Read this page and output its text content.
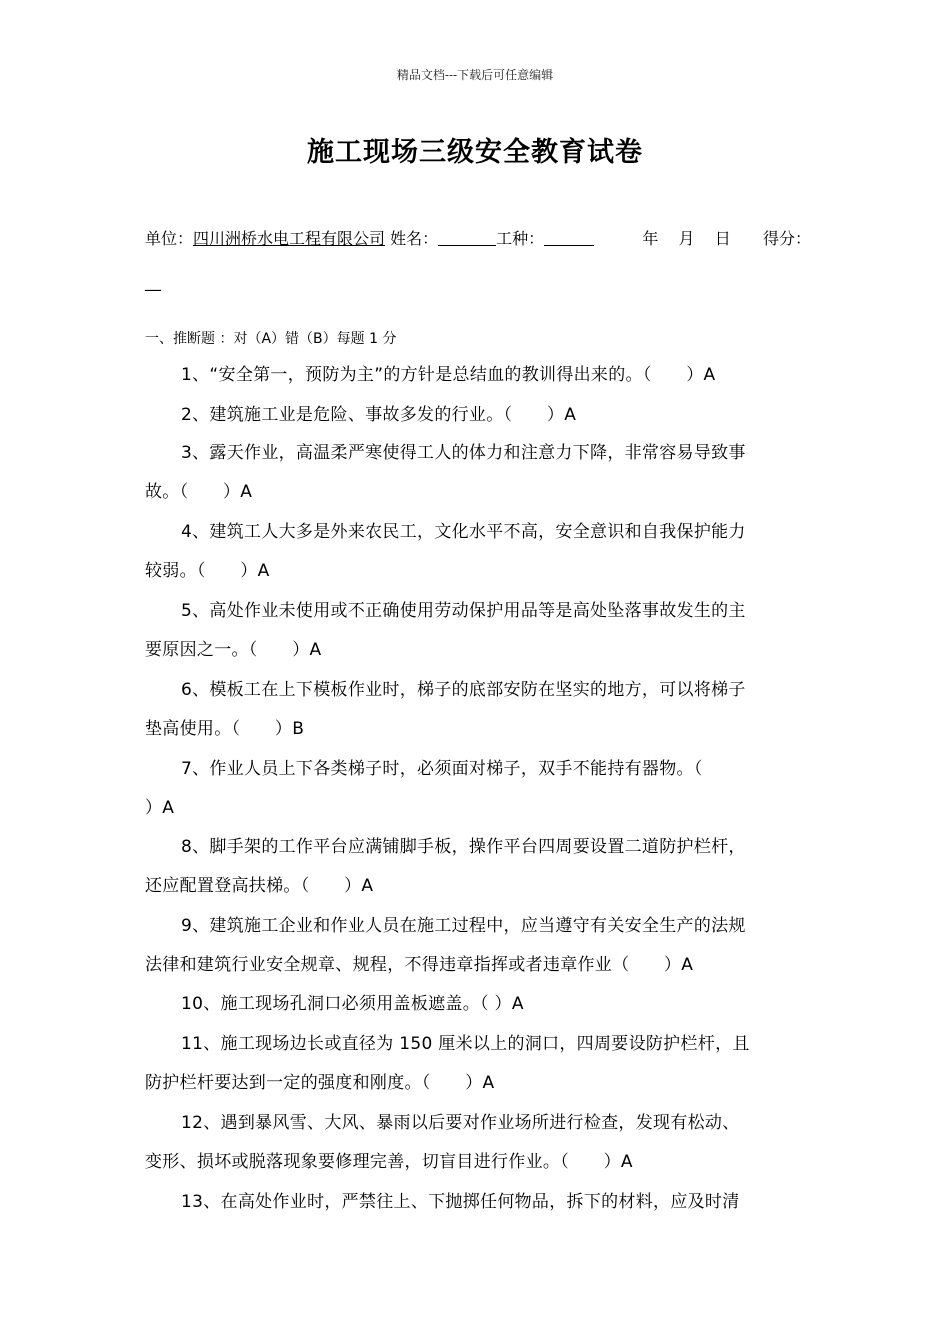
精品文档---下载后可任意编辑
施工现场三级安全教育试卷
单位：四川洲桥水电工程有限公司 姓名：	工种：	年 月 日 得分：
__
一、推断题 ：对（A）错（B）每题 1 分
1、“安全第一，预防为主”的方针是总结血的教训得出来的。（　　）A
2、建筑施工业是危险、事故多发的行业。（　　）A
3、露天作业，高温柔严寒使得工人的体力和注意力下降，非常容易导致事
故。（　　）A
4、建筑工人大多是外来农民工，文化水平不高，安全意识和自我保护能力
较弱。（　　）A
5、高处作业未使用或不正确使用劳动保护用品等是高处坠落事故发生的主
要原因之一。（　　）A
6、模板工在上下模板作业时，梯子的底部安防在坚实的地方，可以将梯子
垫高使用。（　　）B
7、作业人员上下各类梯子时，必须面对梯子，双手不能持有器物。（
）A
8、脚手架的工作平台应满铺脚手板，操作平台四周要设置二道防护栏杆，
还应配置登高扶梯。（　　）A
9、建筑施工企业和作业人员在施工过程中，应当遵守有关安全生产的法规
法律和建筑行业安全规章、规程，不得违章指挥或者违章作业（　　）A
10、施工现场孔洞口必须用盖板遮盖。（ ）A
11、施工现场边长或直径为 150 厘米以上的洞口，四周要设防护栏杆，且
防护栏杆要达到一定的强度和刚度。（　　）A
12、遇到暴风雪、大风、暴雨以后要对作业场所进行检查，发现有松动、
变形、损坏或脱落现象要修理完善，切盲目进行作业。（　　）A
13、在高处作业时，严禁往上、下抛掷任何物品，拆下的材料，应及时清
